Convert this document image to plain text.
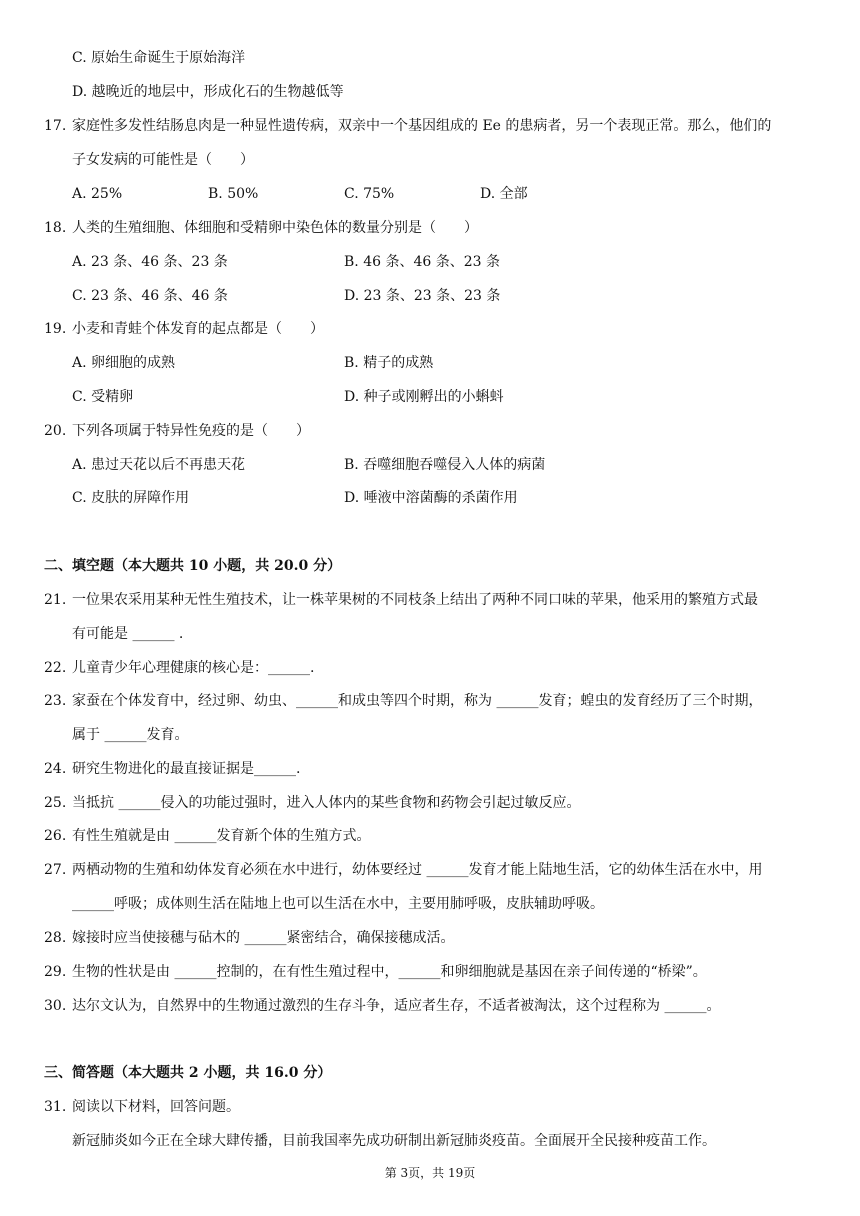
C. 原始生命诞生于原始海洋
D. 越晚近的地层中，形成化石的生物越低等
17. 家庭性多发性结肠息肉是一种显性遗传病，双亲中一个基因组成的 Ee 的患病者，另一个表现正常。那么，他们的
子女发病的可能性是（　　）
A. 25%	B. 50%	C. 75%	D. 全部
18. 人类的生殖细胞、体细胞和受精卵中染色体的数量分别是（　　）
A. 23 条、46 条、23 条	B. 46 条、46 条、23 条
C. 23 条、46 条、46 条	D. 23 条、23 条、23 条
19. 小麦和青蛙个体发育的起点都是（　　）
A. 卵细胞的成熟	B. 精子的成熟
C. 受精卵	D. 种子或刚孵出的小蝌蚪
20. 下列各项属于特异性免疫的是（　　）
A. 患过天花以后不再患天花	B. 吞噬细胞吞噬侵入人体的病菌
C. 皮肤的屏障作用	D. 唾液中溶菌酶的杀菌作用
二、填空题（本大题共 10 小题，共 20.0 分）
21. 一位果农采用某种无性生殖技术，让一株苹果树的不同枝条上结出了两种不同口味的苹果，他采用的繁殖方式最
有可能是 ______ .
22. 儿童青少年心理健康的核心是：______.
23. 家蚕在个体发育中，经过卵、幼虫、______和成虫等四个时期，称为 ______发育；蝗虫的发育经历了三个时期，
属于 ______发育。
24. 研究生物进化的最直接证据是______.
25. 当抵抗 ______侵入的功能过强时，进入人体内的某些食物和药物会引起过敏反应。
26. 有性生殖就是由 ______发育新个体的生殖方式。
27. 两栖动物的生殖和幼体发育必须在水中进行，幼体要经过 ______发育才能上陆地生活，它的幼体生活在水中，用
______呼吸；成体则生活在陆地上也可以生活在水中，主要用肺呼吸，皮肤辅助呼吸。
28. 嫁接时应当使接穗与砧木的 ______紧密结合，确保接穗成活。
29. 生物的性状是由 ______控制的，在有性生殖过程中，______和卵细胞就是基因在亲子间传递的“桥梁”。
30. 达尔文认为，自然界中的生物通过激烈的生存斗争，适应者生存，不适者被淘汰，这个过程称为 ______。
三、简答题（本大题共 2 小题，共 16.0 分）
31. 阅读以下材料，回答问题。
新冠肺炎如今正在全球大肆传播，目前我国率先成功研制出新冠肺炎疫苗。全面展开全民接种疫苗工作。
第 3页，共 19页
